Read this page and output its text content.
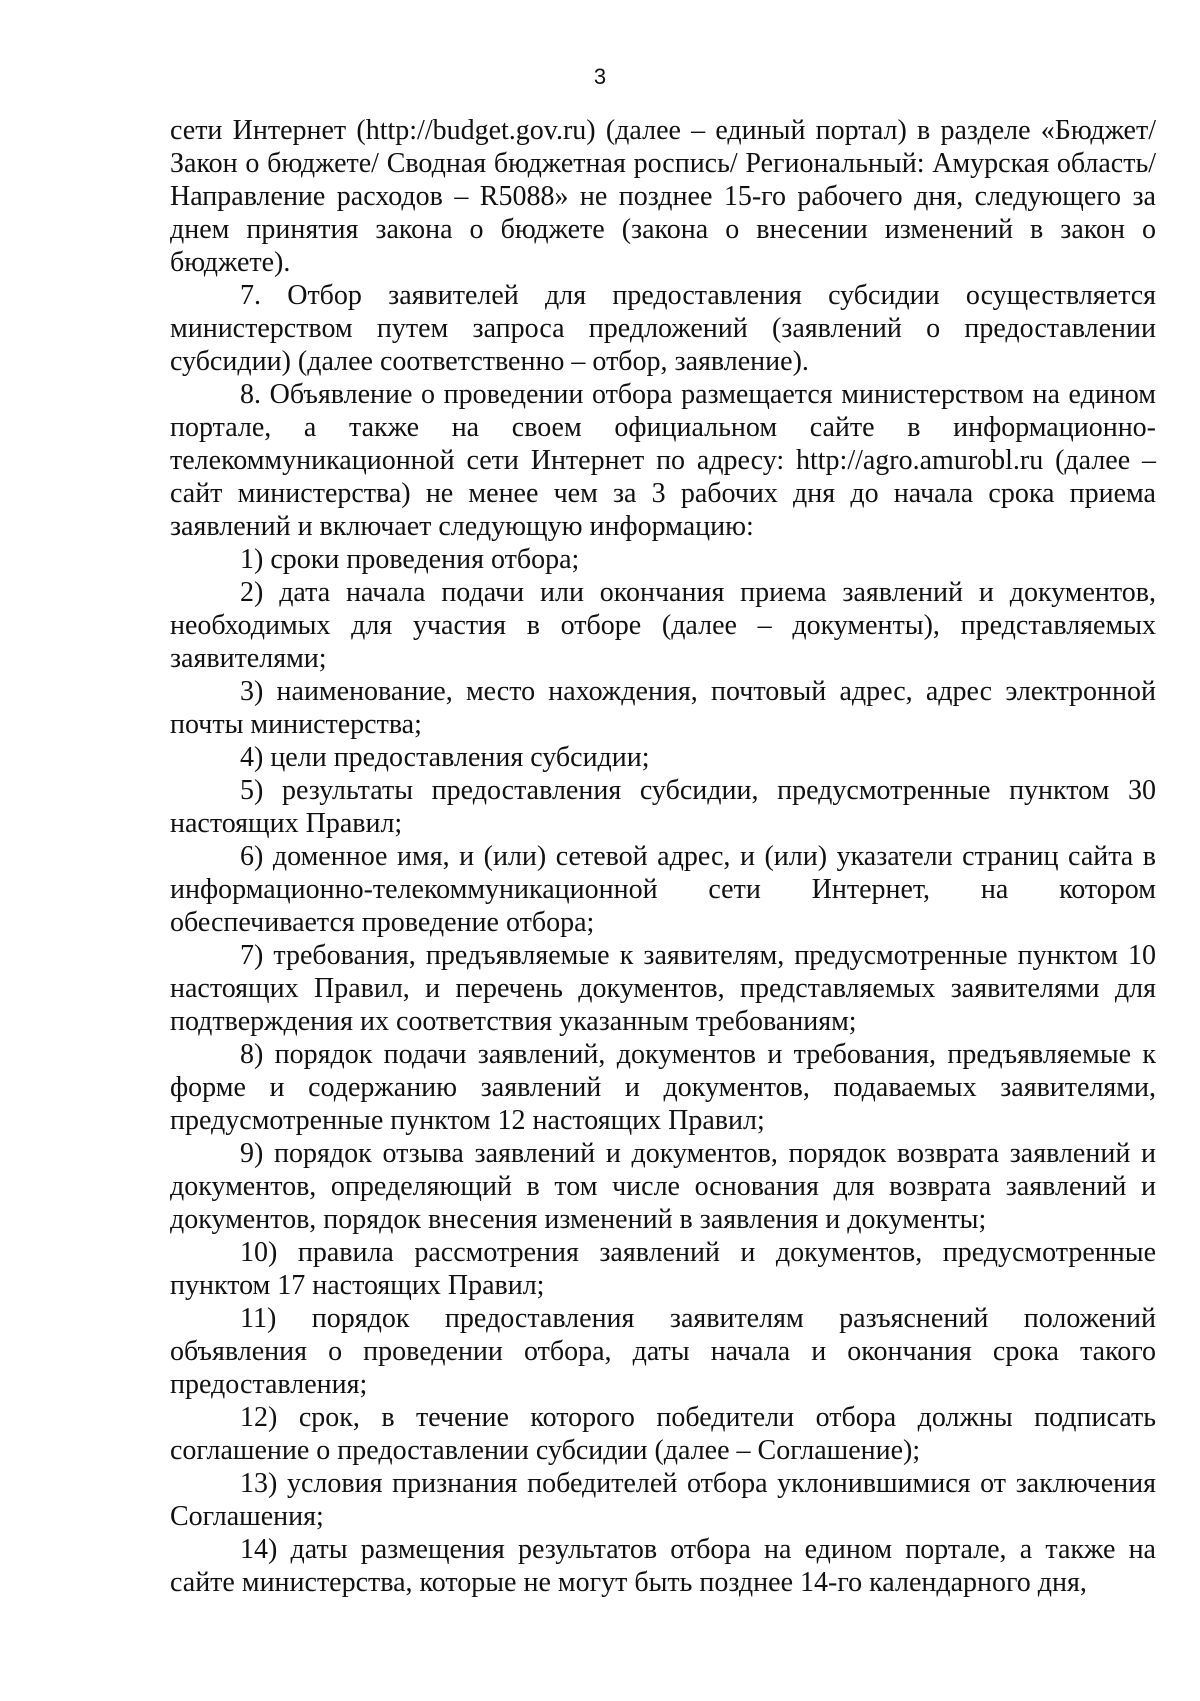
3

сети Интернет (http://budget.gov.ru) (далее – единый портал) в разделе «Бюджет/ Закон о бюджете/ Сводная бюджетная роспись/ Региональный: Амурская область/ Направление расходов – R5088» не позднее 15-го рабочего дня, следующего за днем принятия закона о бюджете (закона о внесении изменений в закон о бюджете).

7. Отбор заявителей для предоставления субсидии осуществляется министерством путем запроса предложений (заявлений о предоставлении субсидии) (далее соответственно – отбор, заявление).

8. Объявление о проведении отбора размещается министерством на едином портале, а также на своем официальном сайте в информационно-телекоммуникационной сети Интернет по адресу: http://agro.amurobl.ru (далее – сайт министерства) не менее чем за 3 рабочих дня до начала срока приема заявлений и включает следующую информацию:

1) сроки проведения отбора;

2) дата начала подачи или окончания приема заявлений и документов, необходимых для участия в отборе (далее – документы), представляемых заявителями;

3) наименование, место нахождения, почтовый адрес, адрес электронной почты министерства;

4) цели предоставления субсидии;

5) результаты предоставления субсидии, предусмотренные пунктом 30 настоящих Правил;

6) доменное имя, и (или) сетевой адрес, и (или) указатели страниц сайта в информационно-телекоммуникационной сети Интернет, на котором обеспечивается проведение отбора;

7) требования, предъявляемые к заявителям, предусмотренные пунктом 10 настоящих Правил, и перечень документов, представляемых заявителями для подтверждения их соответствия указанным требованиям;

8) порядок подачи заявлений, документов и требования, предъявляемые к форме и содержанию заявлений и документов, подаваемых заявителями, предусмотренные пунктом 12 настоящих Правил;

9) порядок отзыва заявлений и документов, порядок возврата заявлений и документов, определяющий в том числе основания для возврата заявлений и документов, порядок внесения изменений в заявления и документы;

10) правила рассмотрения заявлений и документов, предусмотренные пунктом 17 настоящих Правил;

11) порядок предоставления заявителям разъяснений положений объявления о проведении отбора, даты начала и окончания срока такого предоставления;

12) срок, в течение которого победители отбора должны подписать соглашение о предоставлении субсидии (далее – Соглашение);

13) условия признания победителей отбора уклонившимися от заключения Соглашения;

14) даты размещения результатов отбора на едином портале, а также на сайте министерства, которые не могут быть позднее 14-го календарного дня,
